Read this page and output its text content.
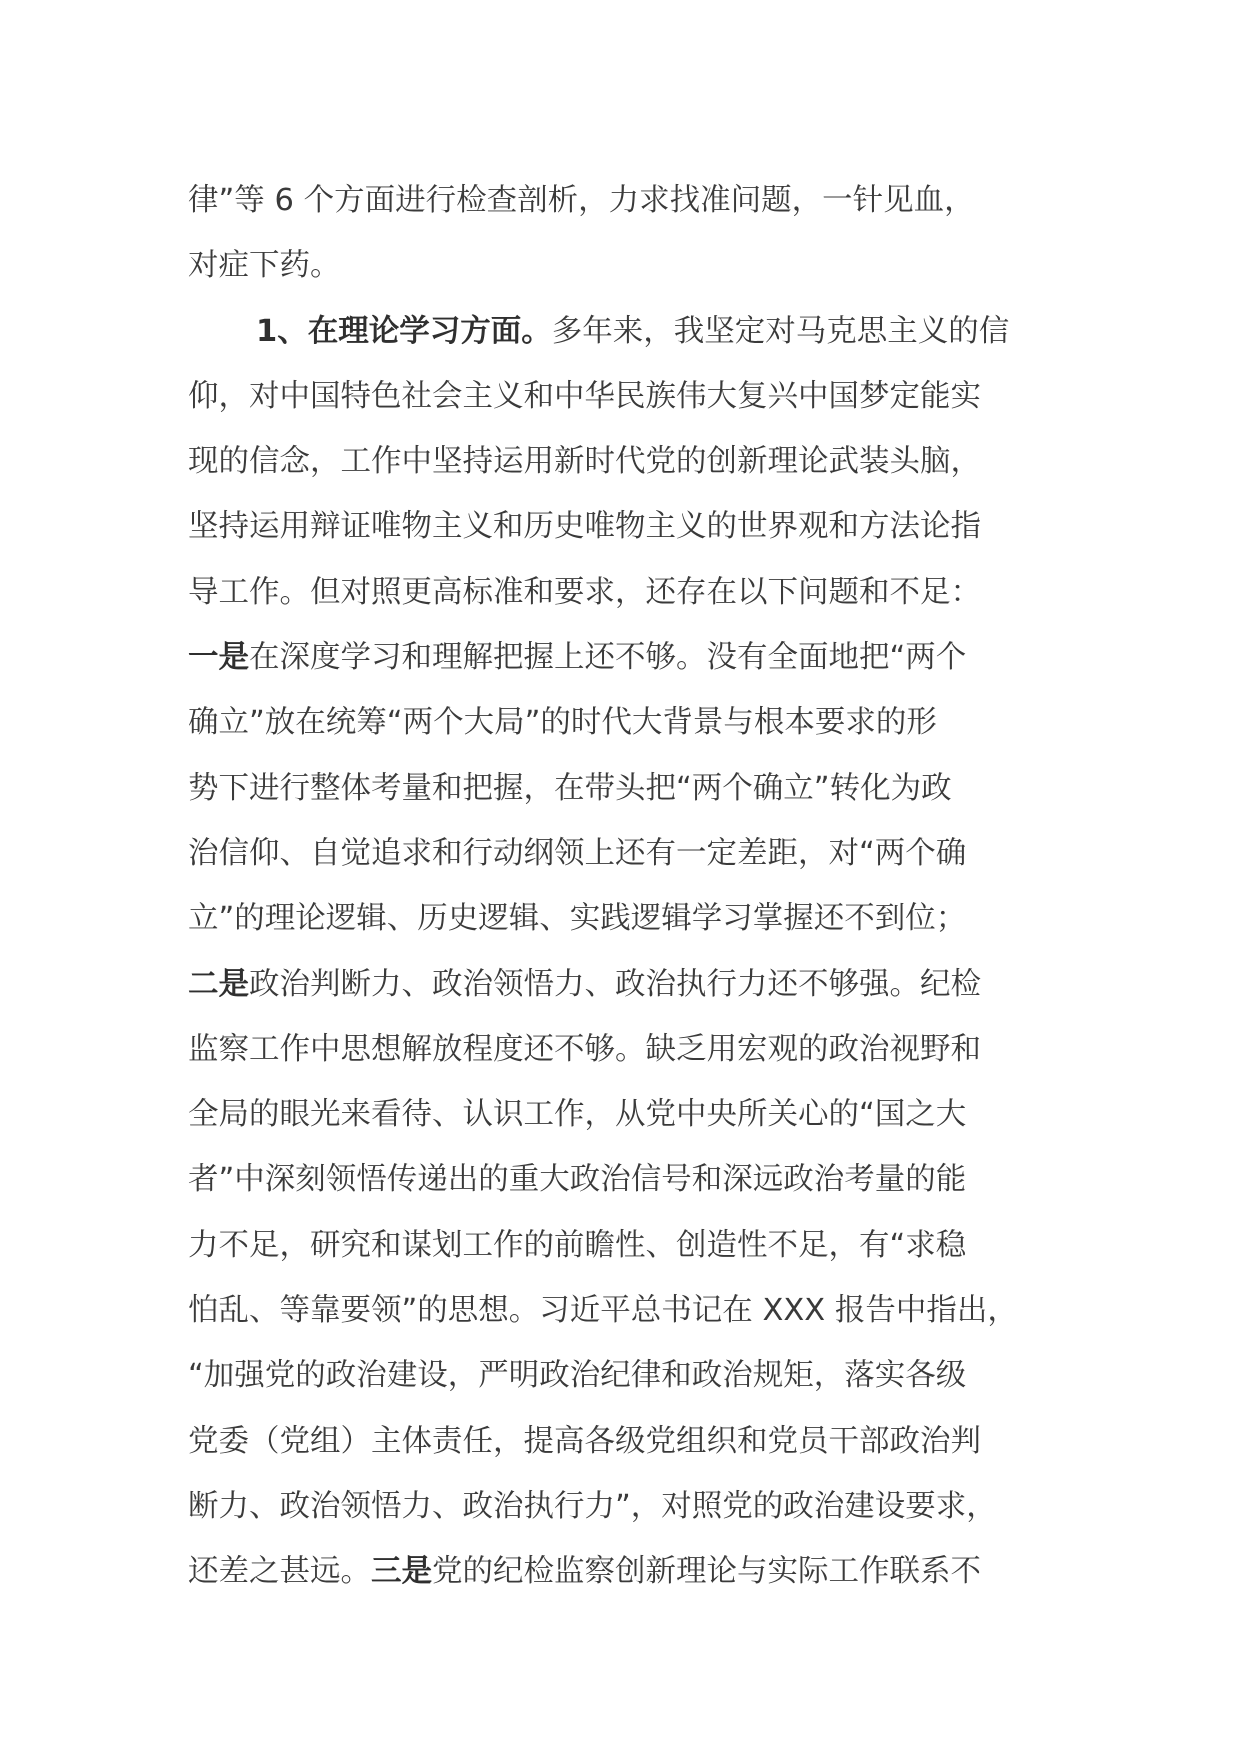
律”等 6 个方面进行检查剖析，力求找准问题，一针见血，
对症下药。
1、在理论学习方面。多年来，我坚定对马克思主义的信
仰，对中国特色社会主义和中华民族伟大复兴中国梦定能实
现的信念，工作中坚持运用新时代党的创新理论武装头脑，
坚持运用辩证唯物主义和历史唯物主义的世界观和方法论指
导工作。但对照更高标准和要求，还存在以下问题和不足：
一是在深度学习和理解把握上还不够。没有全面地把“两个
确立”放在统筹“两个大局”的时代大背景与根本要求的形
势下进行整体考量和把握，在带头把“两个确立”转化为政
治信仰、自觉追求和行动纲领上还有一定差距，对“两个确
立”的理论逻辑、历史逻辑、实践逻辑学习掌握还不到位；
二是政治判断力、政治领悟力、政治执行力还不够强。纪检
监察工作中思想解放程度还不够。缺乏用宏观的政治视野和
全局的眼光来看待、认识工作，从党中央所关心的“国之大
者”中深刻领悟传递出的重大政治信号和深远政治考量的能
力不足，研究和谋划工作的前瞻性、创造性不足，有“求稳
怕乱、等靠要领”的思想。习近平总书记在 XXX 报告中指出，
“加强党的政治建设，严明政治纪律和政治规矩，落实各级
党委（党组）主体责任，提高各级党组织和党员干部政治判
断力、政治领悟力、政治执行力”，对照党的政治建设要求，
还差之甚远。三是党的纪检监察创新理论与实际工作联系不
